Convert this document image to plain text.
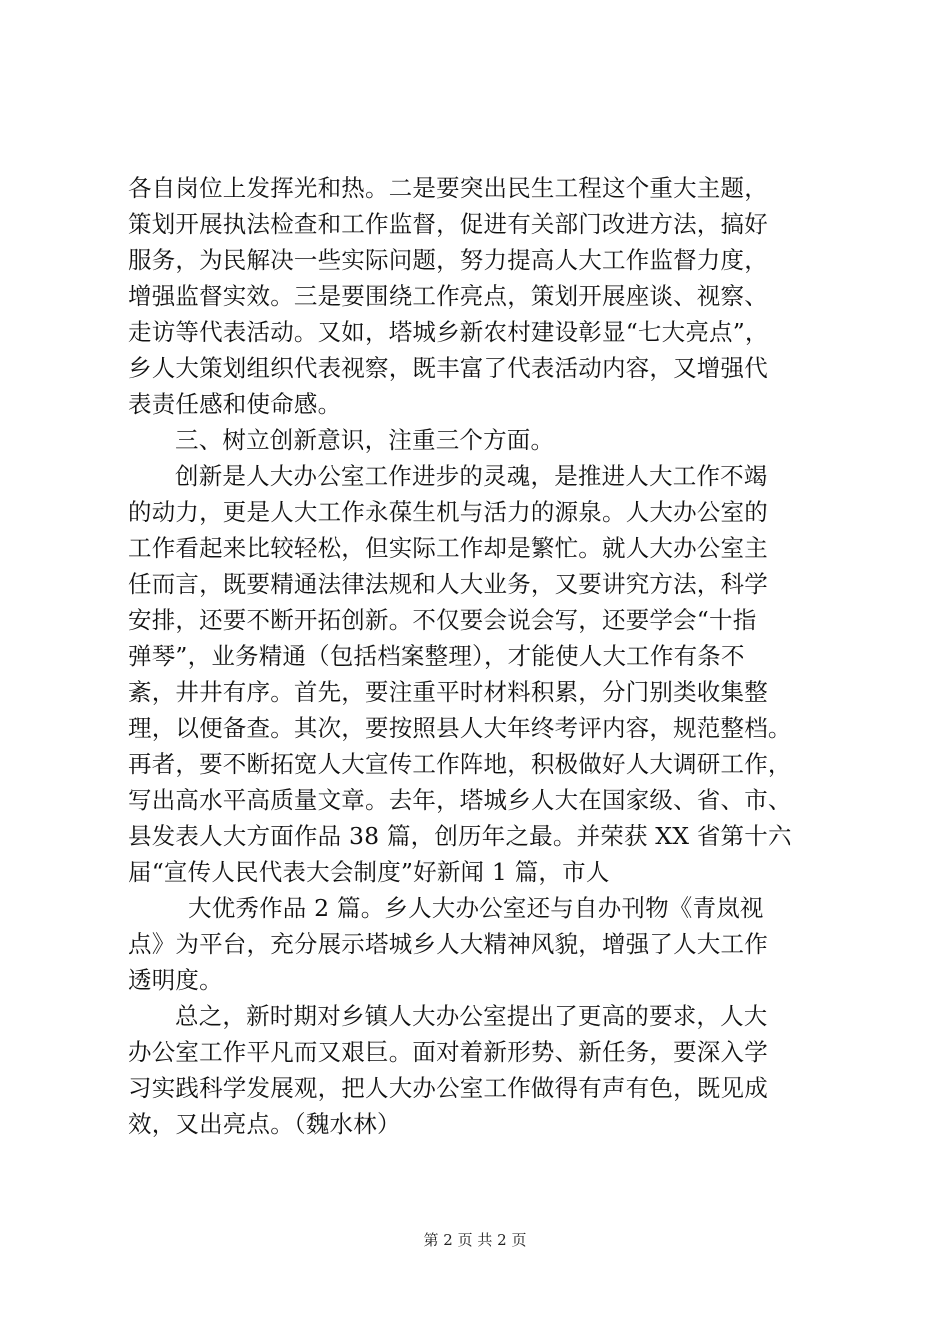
各自岗位上发挥光和热。二是要突出民生工程这个重大主题，
策划开展执法检查和工作监督，促进有关部门改进方法，搞好
服务，为民解决一些实际问题，努力提高人大工作监督力度，
增强监督实效。三是要围绕工作亮点，策划开展座谈、视察、
走访等代表活动。又如，塔城乡新农村建设彰显“七大亮点”，
乡人大策划组织代表视察，既丰富了代表活动内容，又增强代
表责任感和使命感。
三、树立创新意识，注重三个方面。
创新是人大办公室工作进步的灵魂，是推进人大工作不竭
的动力，更是人大工作永葆生机与活力的源泉。人大办公室的
工作看起来比较轻松，但实际工作却是繁忙。就人大办公室主
任而言，既要精通法律法规和人大业务，又要讲究方法，科学
安排，还要不断开拓创新。不仅要会说会写，还要学会“十指
弹琴”，业务精通（包括档案整理），才能使人大工作有条不
紊，井井有序。首先，要注重平时材料积累，分门别类收集整
理，以便备查。其次，要按照县人大年终考评内容，规范整档。
再者，要不断拓宽人大宣传工作阵地，积极做好人大调研工作，
写出高水平高质量文章。去年，塔城乡人大在国家级、省、市、
县发表人大方面作品 38 篇，创历年之最。并荣获 XX 省第十六
届“宣传人民代表大会制度”好新闻 1 篇，市人
大优秀作品 2 篇。乡人大办公室还与自办刊物《青岚视
点》为平台，充分展示塔城乡人大精神风貌，增强了人大工作
透明度。
总之，新时期对乡镇人大办公室提出了更高的要求，人大
办公室工作平凡而又艰巨。面对着新形势、新任务，要深入学
习实践科学发展观，把人大办公室工作做得有声有色，既见成
效，又出亮点。（魏水林）
第 2 页 共 2 页
